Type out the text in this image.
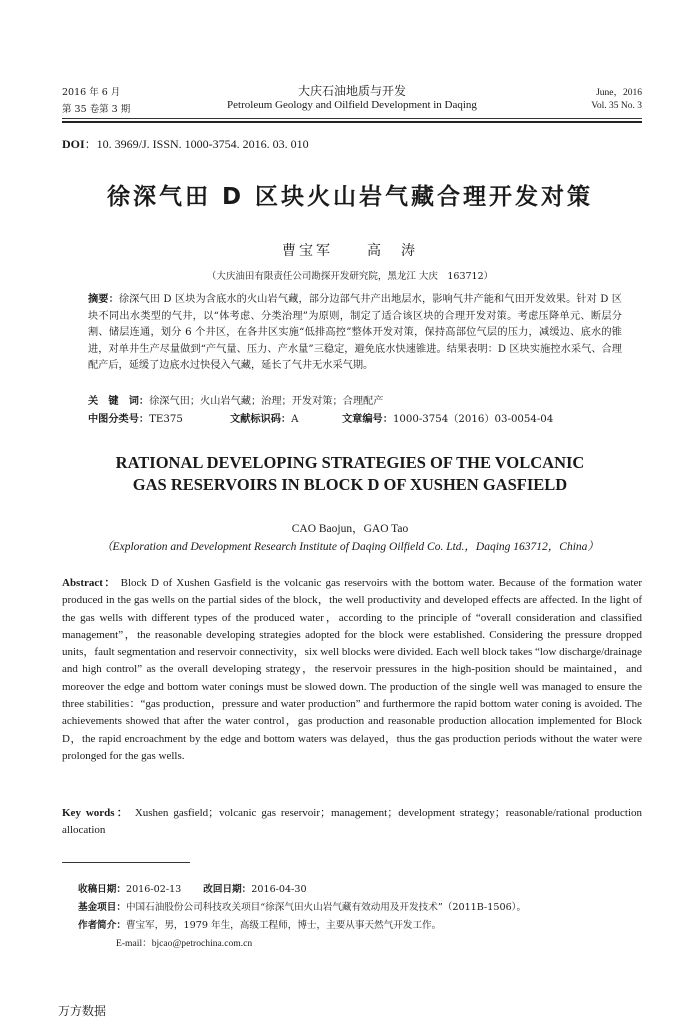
2016 年 6 月
第 35 卷第 3 期
大庆石油地质与开发
Petroleum Geology and Oilfield Development in Daqing
June，2016
Vol. 35 No. 3
DOI：10. 3969/J. ISSN. 1000-3754. 2016. 03. 010
徐深气田 D 区块火山岩气藏合理开发对策
曹宝军　　高　涛
（大庆油田有限责任公司勘探开发研究院，黑龙江 大庆　163712）
摘要：徐深气田 D 区块为含底水的火山岩气藏，部分边部气井产出地层水，影响气井产能和气田开发效果。针对 D 区块不同出水类型的气井，以“体考虑、分类治理”为原则，制定了适合该区块的合理开发对策。考虑压降单元、断层分割、储层连通，划分 6 个井区，在各井区实施“低排高控”整体开发对策，保持高部位气层的压力，减缓边、底水的锥进，对单井生产尽量做到“产气量、压力、产水量”三稳定，避免底水快速锥进。结果表明：D 区块实施控水采气、合理配产后，延缓了边底水过快侵入气藏，延长了气井无水采气期。
关　键　词：徐深气田；火山岩气藏；治理；开发对策；合理配产
中图分类号：TE375	文献标识码：A	文章编号：1000-3754（2016）03-0054-04
RATIONAL DEVELOPING STRATEGIES OF THE VOLCANIC
GAS RESERVOIRS IN BLOCK D OF XUSHEN GASFIELD
CAO Baojun，GAO Tao
（Exploration and Development Research Institute of Daqing Oilfield Co. Ltd.，Daqing 163712，China）
Abstract： Block D of Xushen Gasfield is the volcanic gas reservoirs with the bottom water. Because of the formation water produced in the gas wells on the partial sides of the block，the well productivity and developed effects are affected. In the light of the gas wells with different types of the produced water，according to the principle of “overall consideration and classified management”，the reasonable developing strategies adopted for the block were established. Considering the pressure dropped units，fault segmentation and reservoir connectivity，six well blocks were divided. Each well block takes “low discharge/drainage and high control” as the overall developing strategy，the reservoir pressures in the high-position should be maintained，and moreover the edge and bottom water conings must be slowed down. The production of the single well was managed to ensure the three stabilities：“gas production，pressure and water production” and furthermore the rapid bottom water coning is avoided. The achievements showed that after the water control，gas production and reasonable production allocation implemented for Block D，the rapid encroachment by the edge and bottom waters was delayed，thus the gas production periods without the water were prolonged for the gas wells.
Key words： Xushen gasfield；volcanic gas reservoir；management；development strategy；reasonable/rational production allocation
收稿日期：2016-02-13 改回日期：2016-04-30
基金项目：中国石油股份公司科技攻关项目“徐深气田火山岩气藏有效动用及开发技术”（2011B-1506）。
作者简介：曹宝军，男，1979 年生，高级工程师，博士，主要从事天然气开发工作。
E-mail：bjcao@petrochina.com.cn
万方数据
